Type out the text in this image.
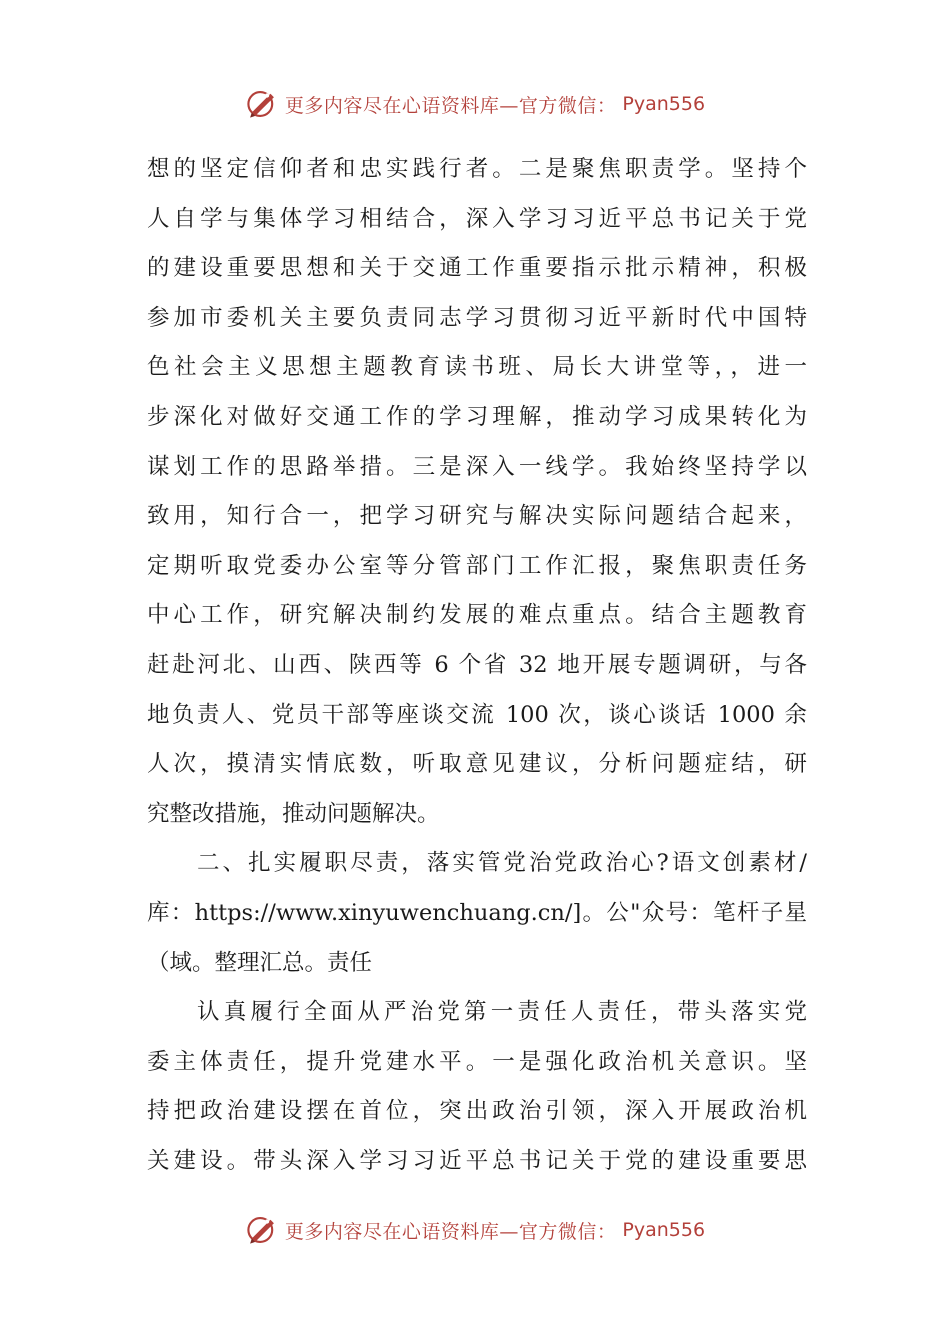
更多内容尽在心语资料库—官方微信： Pyan556
想的坚定信仰者和忠实践行者。二是聚焦职责学。坚持个
人自学与集体学习相结合，深入学习习近平总书记关于党
的建设重要思想和关于交通工作重要指示批示精神，积极
参加市委机关主要负责同志学习贯彻习近平新时代中国特
色社会主义思想主题教育读书班、局长大讲堂等，，进一
步深化对做好交通工作的学习理解，推动学习成果转化为
谋划工作的思路举措。三是深入一线学。我始终坚持学以
致用，知行合一，把学习研究与解决实际问题结合起来，
定期听取党委办公室等分管部门工作汇报，聚焦职责任务
中心工作，研究解决制约发展的难点重点。结合主题教育
赶赴河北、山西、陕西等 6 个省 32 地开展专题调研，与各
地负责人、党员干部等座谈交流 100 次，谈心谈话 1000 余
人次，摸清实情底数，听取意见建议，分析问题症结，研
究整改措施，推动问题解决。
二、扎实履职尽责，落实管党治党政治心?语文创素材/
库：https://www.xinyuwenchuang.cn/]。公"众号：笔杆子星
（域。整理汇总。责任
认真履行全面从严治党第一责任人责任，带头落实党
委主体责任，提升党建水平。一是强化政治机关意识。坚
持把政治建设摆在首位，突出政治引领，深入开展政治机
关建设。带头深入学习习近平总书记关于党的建设重要思
更多内容尽在心语资料库—官方微信： Pyan556
